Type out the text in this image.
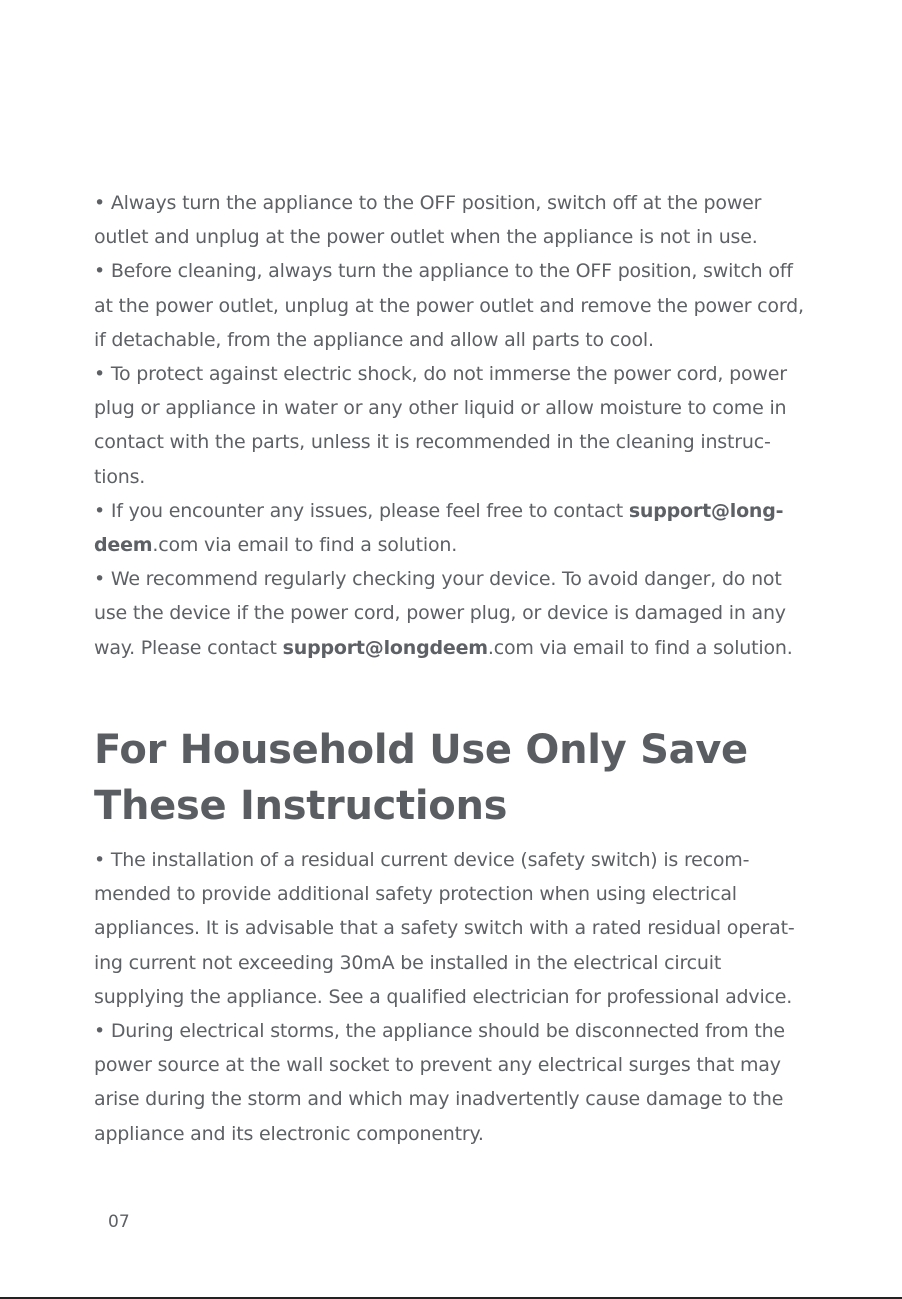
• Always turn the appliance to the OFF position, switch off at the power outlet and unplug at the power outlet when the appliance is not in use.

• Before cleaning, always turn the appliance to the OFF position, switch off at the power outlet, unplug at the power outlet and remove the power cord, if detachable, from the appliance and allow all parts to cool.

• To protect against electric shock, do not immerse the power cord, power plug or appliance in water or any other liquid or allow moisture to come in contact with the parts, unless it is recommended in the cleaning instruc-tions.

• If you encounter any issues, please feel free to contact support@long-deem.com via email to find a solution.

• We recommend regularly checking your device. To avoid danger, do not use the device if the power cord, power plug, or device is damaged in any way. Please contact support@longdeem.com via email to find a solution.

For Household Use Only Save These Instructions

• The installation of a residual current device (safety switch) is recom-mended to provide additional safety protection when using electrical appliances. It is advisable that a safety switch with a rated residual operat-ing current not exceeding 30mA be installed in the electrical circuit supplying the appliance. See a qualified electrician for professional advice.

• During electrical storms, the appliance should be disconnected from the power source at the wall socket to prevent any electrical surges that may arise during the storm and which may inadvertently cause damage to the appliance and its electronic componentry.

07
